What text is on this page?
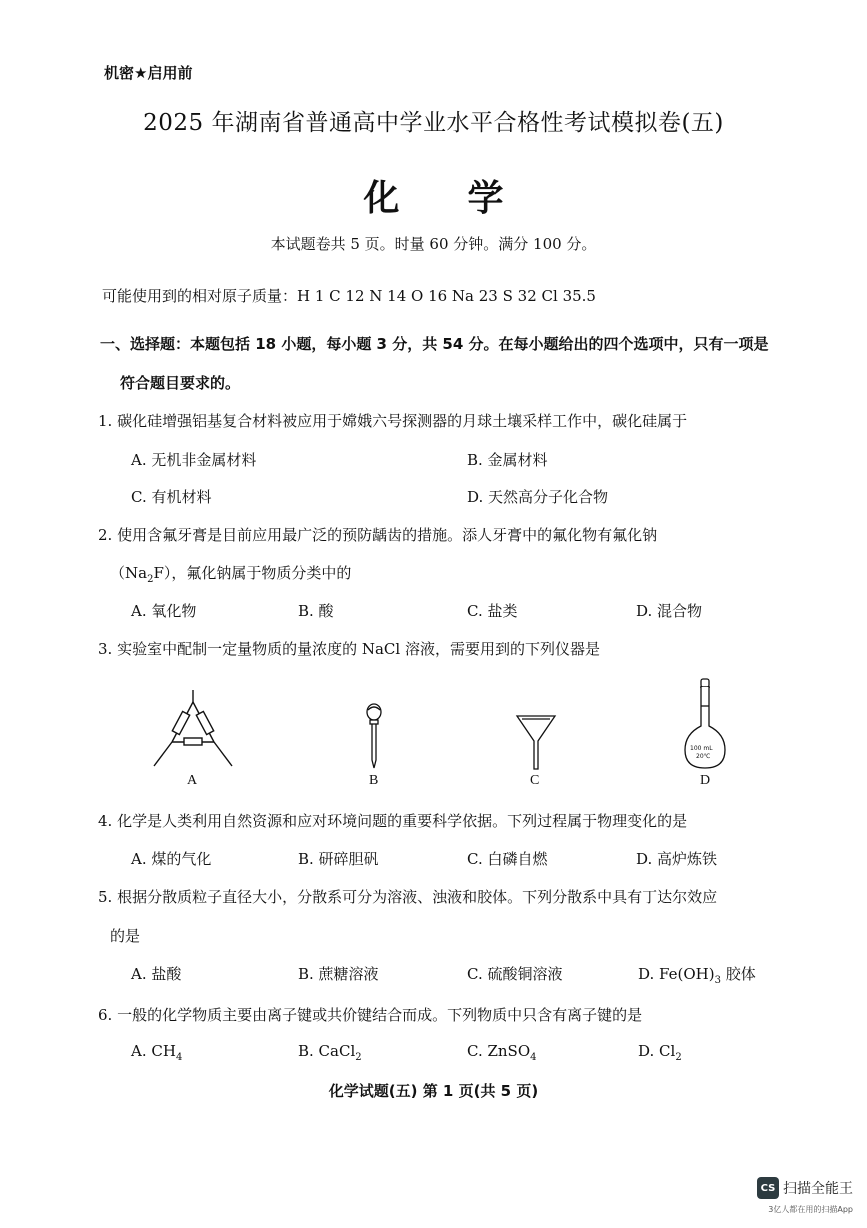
机密★启用前
2025 年湖南省普通高中学业水平合格性考试模拟卷(五)
化 学
本试题卷共 5 页。时量 60 分钟。满分 100 分。
可能使用到的相对原子质量：H 1 C 12 N 14 O 16 Na 23 S 32 Cl 35.5
一、选择题：本题包括 18 小题，每小题 3 分，共 54 分。在每小题给出的四个选项中，只有一项是
符合题目要求的。
1. 碳化硅增强铝基复合材料被应用于嫦娥六号探测器的月球土壤采样工作中，碳化硅属于
A. 无机非金属材料	B. 金属材料
C. 有机材料	D. 天然高分子化合物
2. 使用含氟牙膏是目前应用最广泛的预防龋齿的措施。添人牙膏中的氟化物有氟化钠
$(Na_2F)$，氟化钠属于物质分类中的
A. 氧化物	B. 酸	C. 盐类	D. 混合物
3. 实验室中配制一定量物质的量浓度的 NaCl 溶液，需要用到的下列仪器是
A	B	C
100 mL
20℃
D
4. 化学是人类利用自然资源和应对环境问题的重要科学依据。下列过程属于物理变化的是
A. 煤的气化	B. 研碎胆矾	C. 白磷自燃	D. 高炉炼铁
5. 根据分散质粒子直径大小，分散系可分为溶液、浊液和胶体。下列分散系中具有丁达尔效应
的是
A. 盐酸	B. 蔗糖溶液	C. 硫酸铜溶液	D. $Fe(OH)_3$ 胶体
6. 一般的化学物质主要由离子键或共价键结合而成。下列物质中只含有离子键的是
A. $CH_4$	B. CaCl$_2$	C. ZnSO$_4$	D. $Cl_2$
化学试题(五) 第 1 页(共 5 页)
CS 扫描全能王
3亿人都在用的扫描App
